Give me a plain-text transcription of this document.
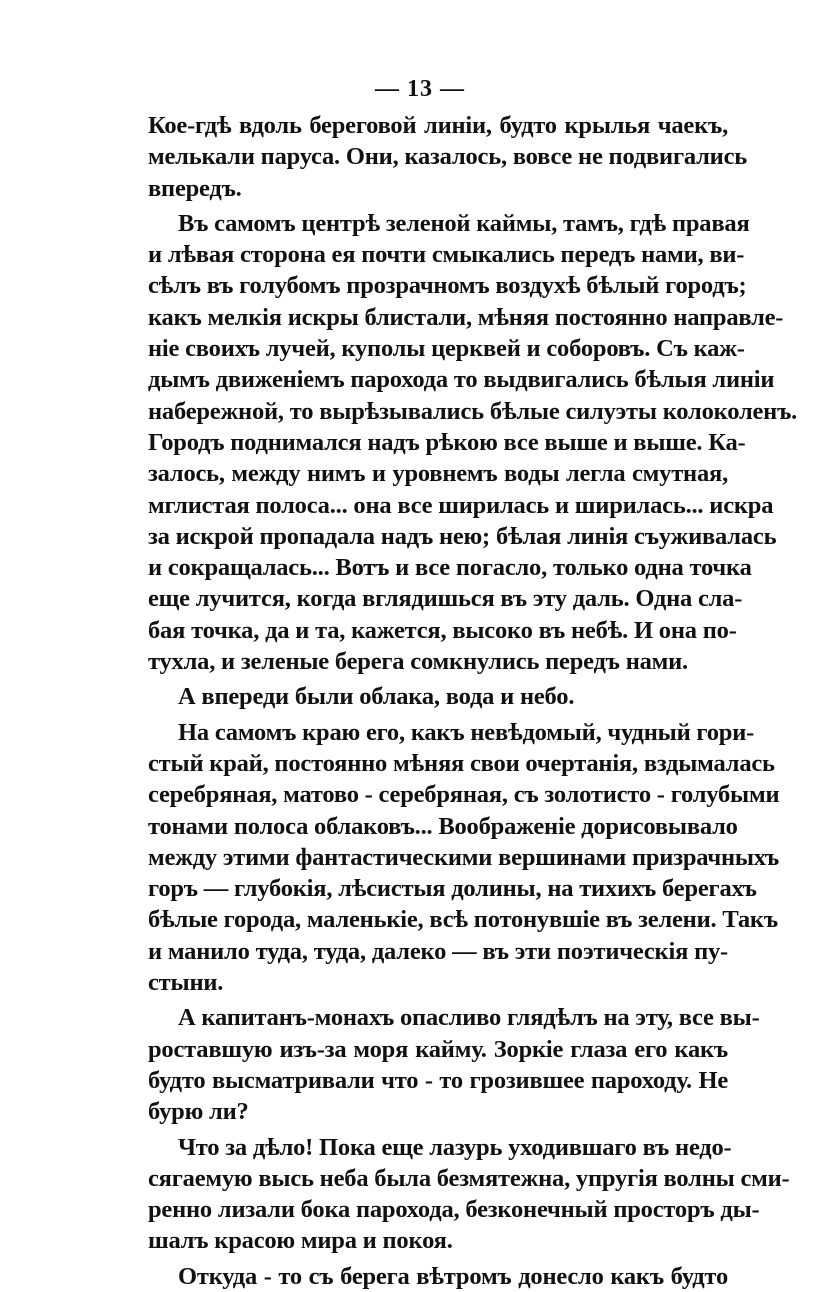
— 13 —
Кое-гдѣ вдоль береговой линіи, будто крылья чаекъ,
мелькали паруса. Они, казалось, вовсе не подвигались
впередъ.
Въ самомъ центрѣ зеленой каймы, тамъ, гдѣ правая
и лѣвая сторона ея почти смыкались передъ нами, ви-
сѣлъ въ голубомъ прозрачномъ воздухѣ бѣлый городъ;
какъ мелкія искры блистали, мѣняя постоянно направле-
ніе своихъ лучей, куполы церквей и соборовъ. Съ каж-
дымъ движеніемъ парохода то выдвигались бѣлыя линіи
набережной, то вырѣзывались бѣлые силуэты колоколенъ.
Городъ поднимался надъ рѣкою все выше и выше. Ка-
залось, между нимъ и уровнемъ воды легла смутная,
мглистая полоса... она все ширилась и ширилась... искра
за искрой пропадала надъ нею; бѣлая линія съуживалась
и сокращалась... Вотъ и все погасло, только одна точка
еще лучится, когда вглядишься въ эту даль. Одна сла-
бая точка, да и та, кажется, высоко въ небѣ. И она по-
тухла, и зеленые берега сомкнулись передъ нами.
А впереди были облака, вода и небо.
На самомъ краю его, какъ невѣдомый, чудный гори-
стый край, постоянно мѣняя свои очертанія, вздымалась
серебряная, матово - серебряная, съ золотисто - голубыми
тонами полоса облаковъ... Воображеніе дорисовывало
между этими фантастическими вершинами призрачныхъ
горъ — глубокія, лѣсистыя долины, на тихихъ берегахъ
бѣлые города, маленькіе, всѣ потонувшіе въ зелени. Такъ
и манило туда, туда, далеко — въ эти поэтическія пу-
стыни.
А капитанъ-монахъ опасливо глядѣлъ на эту, все вы-
роставшую изъ-за моря кайму. Зоркіе глаза его какъ
будто высматривали что - то грозившее пароходу. Не
бурю ли?
Что за дѣло! Пока еще лазурь уходившаго въ недо-
сягаемую высь неба была безмятежна, упругія волны сми-
ренно лизали бока парохода, безконечный просторъ ды-
шалъ красою мира и покоя.
Откуда - то съ берега вѣтромъ донесло какъ будто
